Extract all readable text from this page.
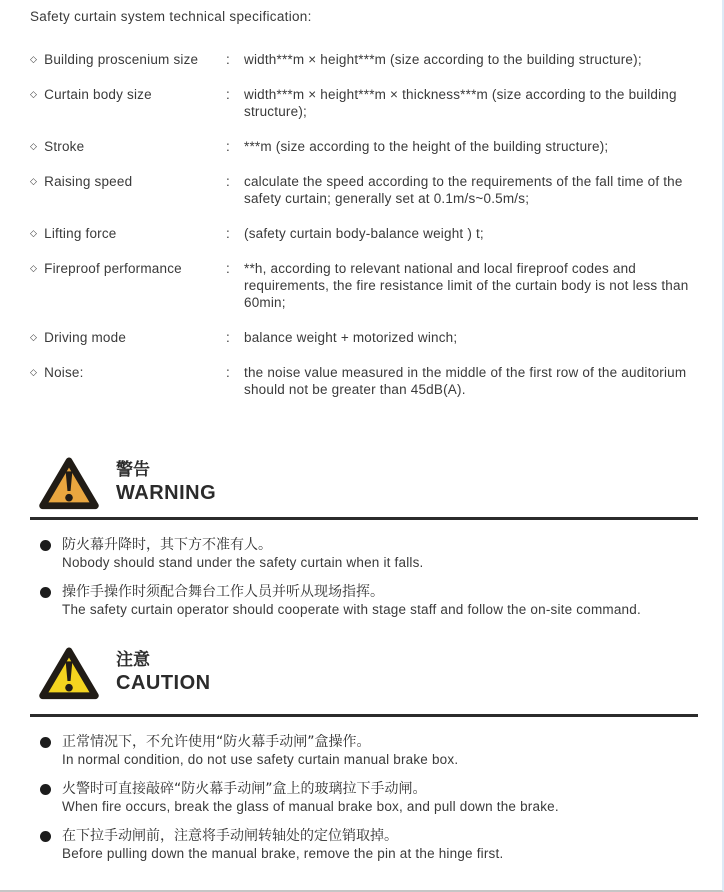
Safety curtain system technical specification:

◇ Building proscenium size :	width***m × height***m (size according to the building structure);
◇ Curtain body size	:	width***m × height***m × thickness***m (size according to the building structure);
◇ Stroke	:	***m (size according to the height of the building structure);
◇ Raising speed	:	calculate the speed according to the requirements of the fall time of the safety curtain; generally set at 0.1m/s~0.5m/s;
◇ Lifting force	:	(safety curtain body-balance weight ) t;
◇ Fireproof performance	:	**h, according to relevant national and local fireproof codes and requirements, the fire resistance limit of the curtain body is not less than 60min;
◇ Driving mode	:	balance weight + motorized winch;
◇ Noise:	:	the noise value measured in the middle of the first row of the auditorium should not be greater than 45dB(A).
警告
WARNING
防火幕升降时，其下方不准有人。
Nobody should stand under the safety curtain when it falls.
操作手操作时须配合舞台工作人员并听从现场指挥。
The safety curtain operator should cooperate with stage staff and follow the on-site command.
注意
CAUTION
正常情况下，不允许使用“防火幕手动闸”盒操作。
In normal condition, do not use safety curtain manual brake box.
火警时可直接敲碎“防火幕手动闸”盒上的玻璃拉下手动闸。
When fire occurs, break the glass of manual brake box, and pull down the brake.
在下拉手动闸前，注意将手动闸转轴处的定位销取掉。
Before pulling down the manual brake, remove the pin at the hinge first.
